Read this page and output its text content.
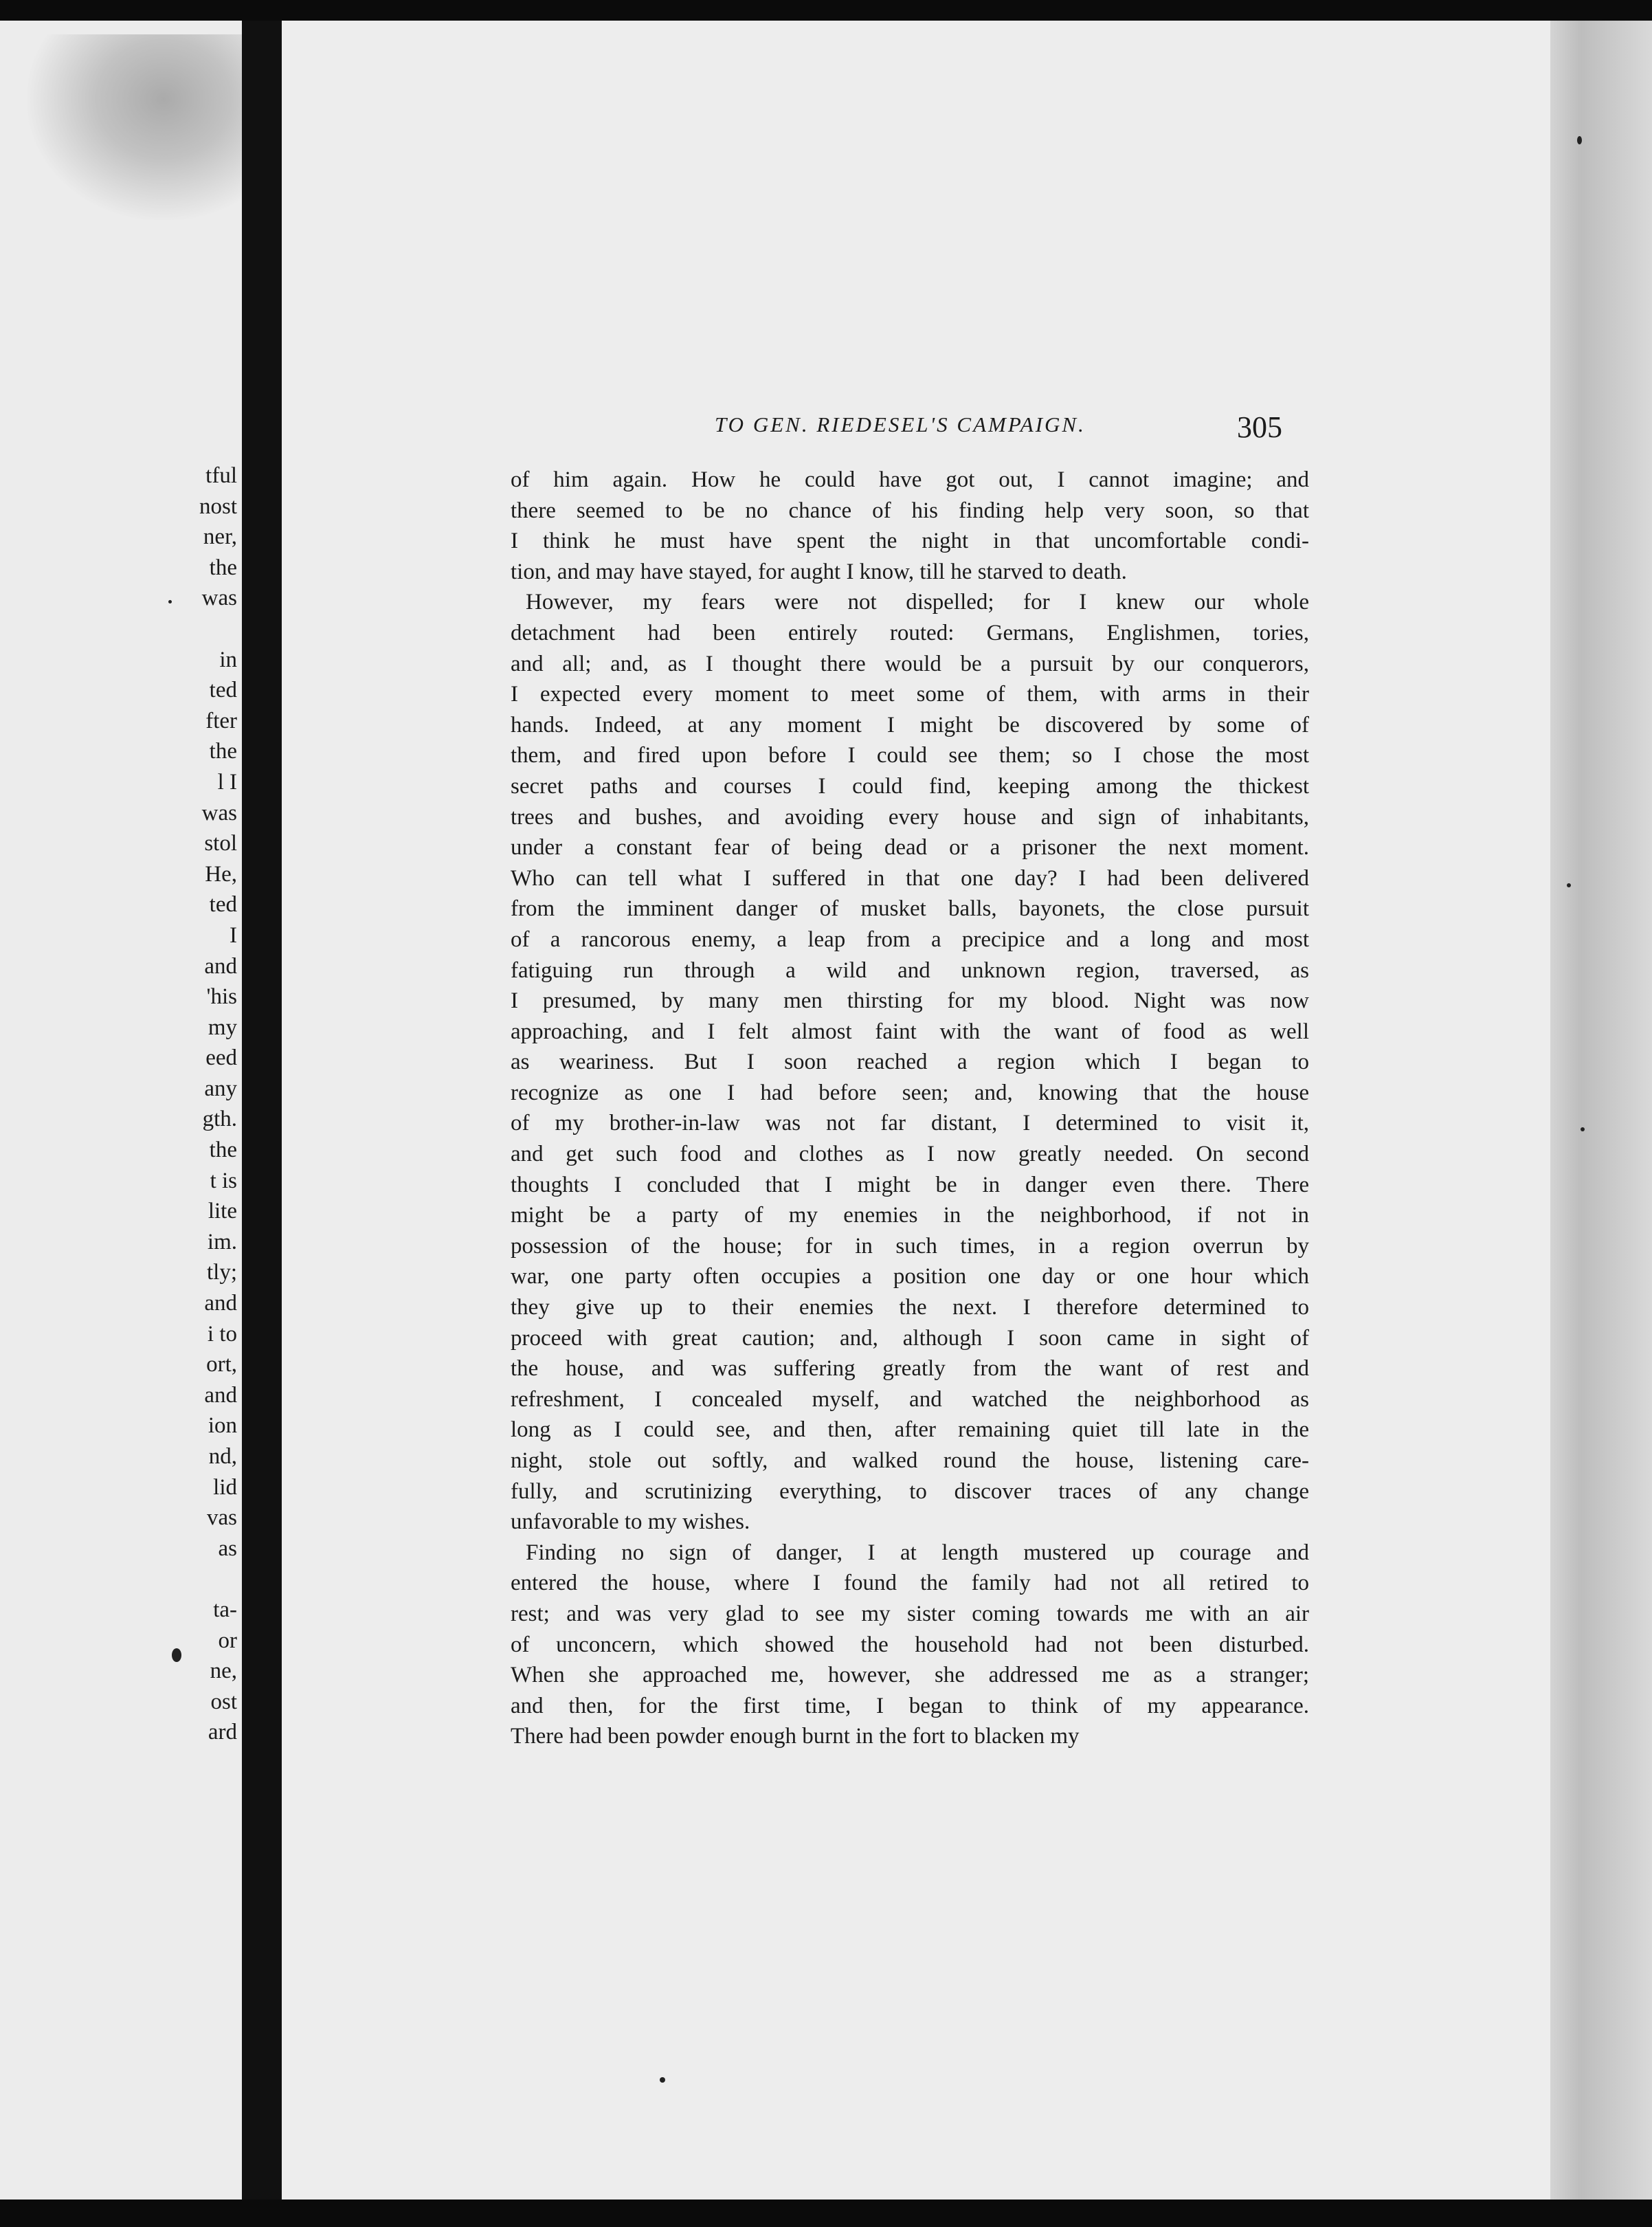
tful
nost
ner,
the
was
in
ted
fter
the
l I
was
stol
He,
ted
I
and
'his
my
eed
any
gth.
the
t is
lite
im.
tly;
and
i to
ort,
and
ion
nd,
lid
vas
as
ta-
or
ne,
ost
ard
TO GEN. RIEDESEL'S CAMPAIGN.	305
of him again. How he could have got out, I cannot imagine; and
there seemed to be no chance of his finding help very soon, so that
I think he must have spent the night in that uncomfortable condi-
tion, and may have stayed, for aught I know, till he starved to death.
However, my fears were not dispelled; for I knew our whole
detachment had been entirely routed: Germans, Englishmen, tories,
and all; and, as I thought there would be a pursuit by our conquerors,
I expected every moment to meet some of them, with arms in their
hands. Indeed, at any moment I might be discovered by some of
them, and fired upon before I could see them; so I chose the most
secret paths and courses I could find, keeping among the thickest
trees and bushes, and avoiding every house and sign of inhabitants,
under a constant fear of being dead or a prisoner the next moment.
Who can tell what I suffered in that one day? I had been delivered
from the imminent danger of musket balls, bayonets, the close pursuit
of a rancorous enemy, a leap from a precipice and a long and most
fatiguing run through a wild and unknown region, traversed, as
I presumed, by many men thirsting for my blood. Night was now
approaching, and I felt almost faint with the want of food as well
as weariness. But I soon reached a region which I began to
recognize as one I had before seen; and, knowing that the house
of my brother-in-law was not far distant, I determined to visit it,
and get such food and clothes as I now greatly needed. On second
thoughts I concluded that I might be in danger even there. There
might be a party of my enemies in the neighborhood, if not in
possession of the house; for in such times, in a region overrun by
war, one party often occupies a position one day or one hour which
they give up to their enemies the next. I therefore determined to
proceed with great caution; and, although I soon came in sight of
the house, and was suffering greatly from the want of rest and
refreshment, I concealed myself, and watched the neighborhood as
long as I could see, and then, after remaining quiet till late in the
night, stole out softly, and walked round the house, listening care-
fully, and scrutinizing everything, to discover traces of any change
unfavorable to my wishes.
Finding no sign of danger, I at length mustered up courage and
entered the house, where I found the family had not all retired to
rest; and was very glad to see my sister coming towards me with an air
of unconcern, which showed the household had not been disturbed.
When she approached me, however, she addressed me as a stranger;
and then, for the first time, I began to think of my appearance.
There had been powder enough burnt in the fort to blacken my
